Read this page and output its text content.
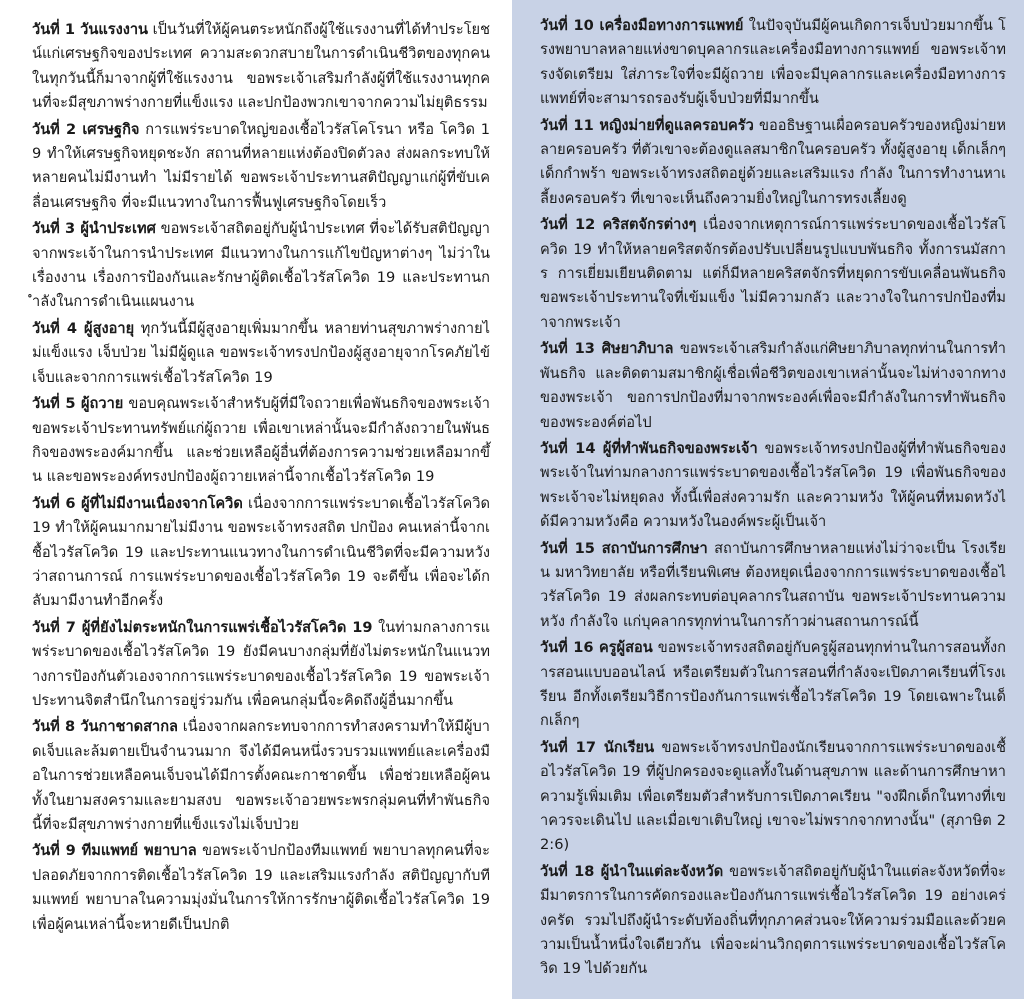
วันที่ 1 วันแรงงาน เป็นวันที่ให้ผู้คนตระหนักถึงผู้ใช้แรงงานที่ได้ทำประโยชน์แก่เศรษฐกิจของประเทศ ความสะดวกสบายในการดำเนินชีวิตของทุกคนในทุกวันนี้ก็มาจากผู้ที่ใช้แรงงาน ขอพระเจ้าเสริมกำลังผู้ที่ใช้แรงงานทุกคนที่จะมีสุขภาพร่างกายที่แข็งแรง และปกป้องพวกเขาจากความไม่ยุติธรรม

วันที่ 2 เศรษฐกิจ การแพร่ระบาดใหญ่ของเชื้อไวรัสโคโรนา หรือ โควิด 19 ทำให้เศรษฐกิจหยุดชะงัก สถานที่หลายแห่งต้องปิดตัวลง ส่งผลกระทบให้หลายคนไม่มีงานทำ ไม่มีรายได้ ขอพระเจ้าประทานสติปัญญาแก่ผู้ที่ขับเคลื่อนเศรษฐกิจ ที่จะมีแนวทางในการฟื้นฟูเศรษฐกิจโดยเร็ว

วันที่ 3 ผู้นำประเทศ ขอพระเจ้าสถิตอยู่กับผู้นำประเทศ ที่จะได้รับสติปัญญาจากพระเจ้าในการนำประเทศ มีแนวทางในการแก้ไขปัญหาต่างๆ ไม่ว่าในเรื่องงาน เรื่องการป้องกันและรักษาผู้ติดเชื้อไวรัสโควิด 19 และประทานกำลังในการดำเนินแผนงาน

วันที่ 4 ผู้สูงอายุ ทุกวันนี้มีผู้สูงอายุเพิ่มมากขึ้น หลายท่านสุขภาพร่างกายไม่แข็งแรง เจ็บป่วย ไม่มีผู้ดูแล ขอพระเจ้าทรงปกป้องผู้สูงอายุจากโรคภัยไข้เจ็บและจากการแพร่เชื้อไวรัสโควิด 19

วันที่ 5 ผู้ถวาย ขอบคุณพระเจ้าสำหรับผู้ที่มีใจถวายเพื่อพันธกิจของพระเจ้า ขอพระเจ้าประทานทรัพย์แก่ผู้ถวาย เพื่อเขาเหล่านั้นจะมีกำลังถวายในพันธกิจของพระองค์มากขึ้น และช่วยเหลือผู้อื่นที่ต้องการความช่วยเหลือมากขึ้น และขอพระองค์ทรงปกป้องผู้ถวายเหล่านี้จากเชื้อไวรัสโควิด 19

วันที่ 6 ผู้ที่ไม่มีงานเนื่องจากโควิด เนื่องจากการแพร่ระบาดเชื้อไวรัสโควิด 19 ทำให้ผู้คนมากมายไม่มีงาน ขอพระเจ้าทรงสถิต ปกป้อง คนเหล่านี้จากเชื้อไวรัสโควิด 19 และประทานแนวทางในการดำเนินชีวิตที่จะมีความหวังว่าสถานการณ์ การแพร่ระบาดของเชื้อไวรัสโควิด 19 จะดีขึ้น เพื่อจะได้กลับมามีงานทำอีกครั้ง

วันที่ 7 ผู้ที่ยังไม่ตระหนักในการแพร่เชื้อไวรัสโควิด 19 ในท่ามกลางการแพร่ระบาดของเชื้อไวรัสโควิด 19 ยังมีคนบางกลุ่มที่ยังไม่ตระหนักในแนวทางการป้องกันตัวเองจากการแพร่ระบาดของเชื้อไวรัสโควิด 19 ขอพระเจ้าประทานจิตสำนึกในการอยู่ร่วมกัน เพื่อคนกลุ่มนี้จะคิดถึงผู้อื่นมากขึ้น

วันที่ 8 วันกาชาดสากล เนื่องจากผลกระทบจากการทำสงครามทำให้มีผู้บาดเจ็บและล้มตายเป็นจำนวนมาก จึงได้มีคนหนึ่งรวบรวมแพทย์และเครื่องมือในการช่วยเหลือคนเจ็บจนได้มีการตั้งคณะกาชาดขึ้น เพื่อช่วยเหลือผู้คนทั้งในยามสงครามและยามสงบ ขอพระเจ้าอวยพระพรกลุ่มคนที่ทำพันธกิจนี้ที่จะมีสุขภาพร่างกายที่แข็งแรงไม่เจ็บป่วย

วันที่ 9 ทีมแพทย์ พยาบาล ขอพระเจ้าปกป้องทีมแพทย์ พยาบาลทุกคนที่จะปลอดภัยจากการติดเชื้อไวรัสโควิด 19 และเสริมแรงกำลัง สติปัญญากับทีมแพทย์ พยาบาลในความมุ่งมั่นในการให้การรักษาผู้ติดเชื้อไวรัสโควิด 19 เพื่อผู้คนเหล่านี้จะหายดีเป็นปกติ

วันที่ 10 เครื่องมือทางการแพทย์ ในปัจจุบันมีผู้คนเกิดการเจ็บป่วยมากขึ้น โรงพยาบาลหลายแห่งขาดบุคลากรและเครื่องมือทางการแพทย์ ขอพระเจ้าทรงจัดเตรียม ใส่ภาระใจที่จะมีผู้ถวาย เพื่อจะมีบุคลากรและเครื่องมือทางการแพทย์ที่จะสามารถรองรับผู้เจ็บป่วยที่มีมากขึ้น

วันที่ 11 หญิงม่ายที่ดูแลครอบครัว ขออธิษฐานเผื่อครอบครัวของหญิงม่ายหลายครอบครัว ที่ตัวเขาจะต้องดูแลสมาชิกในครอบครัว ทั้งผู้สูงอายุ เด็กเล็กๆ เด็กกำพร้า ขอพระเจ้าทรงสถิตอยู่ด้วยและเสริมแรง กำลัง ในการทำงานหาเลี้ยงครอบครัว ที่เขาจะเห็นถึงความยิ่งใหญ่ในการทรงเลี้ยงดู

วันที่ 12 คริสตจักรต่างๆ เนื่องจากเหตุการณ์การแพร่ระบาดของเชื้อไวรัสโควิด 19 ทำให้หลายคริสตจักรต้องปรับเปลี่ยนรูปแบบพันธกิจ ทั้งการนมัสการ การเยี่ยมเยียนติดตาม แต่ก็มีหลายคริสตจักรที่หยุดการขับเคลื่อนพันธกิจ ขอพระเจ้าประทานใจที่เข้มแข็ง ไม่มีความกลัว และวางใจในการปกป้องที่มาจากพระเจ้า

วันที่ 13 ศิษยาภิบาล ขอพระเจ้าเสริมกำลังแก่ศิษยาภิบาลทุกท่านในการทำพันธกิจ และติดตามสมาชิกผู้เชื่อเพื่อชีวิตของเขาเหล่านั้นจะไม่ห่างจากทางของพระเจ้า ขอการปกป้องที่มาจากพระองค์เพื่อจะมีกำลังในการทำพันธกิจของพระองค์ต่อไป

วันที่ 14 ผู้ที่ทำพันธกิจของพระเจ้า ขอพระเจ้าทรงปกป้องผู้ที่ทำพันธกิจของพระเจ้าในท่ามกลางการแพร่ระบาดของเชื้อไวรัสโควิด 19 เพื่อพันธกิจของพระเจ้าจะไม่หยุดลง ทั้งนี้เพื่อส่งความรัก และความหวัง ให้ผู้คนที่หมดหวังได้มีความหวังคือ ความหวังในองค์พระผู้เป็นเจ้า

วันที่ 15 สถาบันการศึกษา สถาบันการศึกษาหลายแห่งไม่ว่าจะเป็น โรงเรียน มหาวิทยาลัย หรือที่เรียนพิเศษ ต้องหยุดเนื่องจากการแพร่ระบาดของเชื้อไวรัสโควิด 19 ส่งผลกระทบต่อบุคลากรในสถาบัน ขอพระเจ้าประทานความหวัง กำลังใจ แก่บุคลากรทุกท่านในการก้าวผ่านสถานการณ์นี้

วันที่ 16 ครูผู้สอน ขอพระเจ้าทรงสถิตอยู่กับครูผู้สอนทุกท่านในการสอนทั้งการสอนแบบออนไลน์ หรือเตรียมตัวในการสอนที่กำลังจะเปิดภาคเรียนที่โรงเรียน อีกทั้งเตรียมวิธีการป้องกันการแพร่เชื้อไวรัสโควิด 19 โดยเฉพาะในเด็กเล็กๆ

วันที่ 17 นักเรียน ขอพระเจ้าทรงปกป้องนักเรียนจากการแพร่ระบาดของเชื้อไวรัสโควิด 19 ที่ผู้ปกครองจะดูแลทั้งในด้านสุขภาพ และด้านการศึกษาหาความรู้เพิ่มเติม เพื่อเตรียมตัวสำหรับการเปิดภาคเรียน "จงฝึกเด็กในทางที่เขาควรจะเดินไป และเมื่อเขาเติบใหญ่ เขาจะไม่พรากจากทางนั้น" (สุภาษิต 22:6)

วันที่ 18 ผู้นำในแต่ละจังหวัด ขอพระเจ้าสถิตอยู่กับผู้นำในแต่ละจังหวัดที่จะมีมาตรการในการคัดกรองและป้องกันการแพร่เชื้อไวรัสโควิด 19 อย่างเคร่งครัด รวมไปถึงผู้นำระดับท้องถิ่นที่ทุกภาคส่วนจะให้ความร่วมมือและด้วยความเป็นน้ำหนึ่งใจเดียวกัน เพื่อจะผ่านวิกฤตการแพร่ระบาดของเชื้อไวรัสโควิด 19 ไปด้วยกัน
